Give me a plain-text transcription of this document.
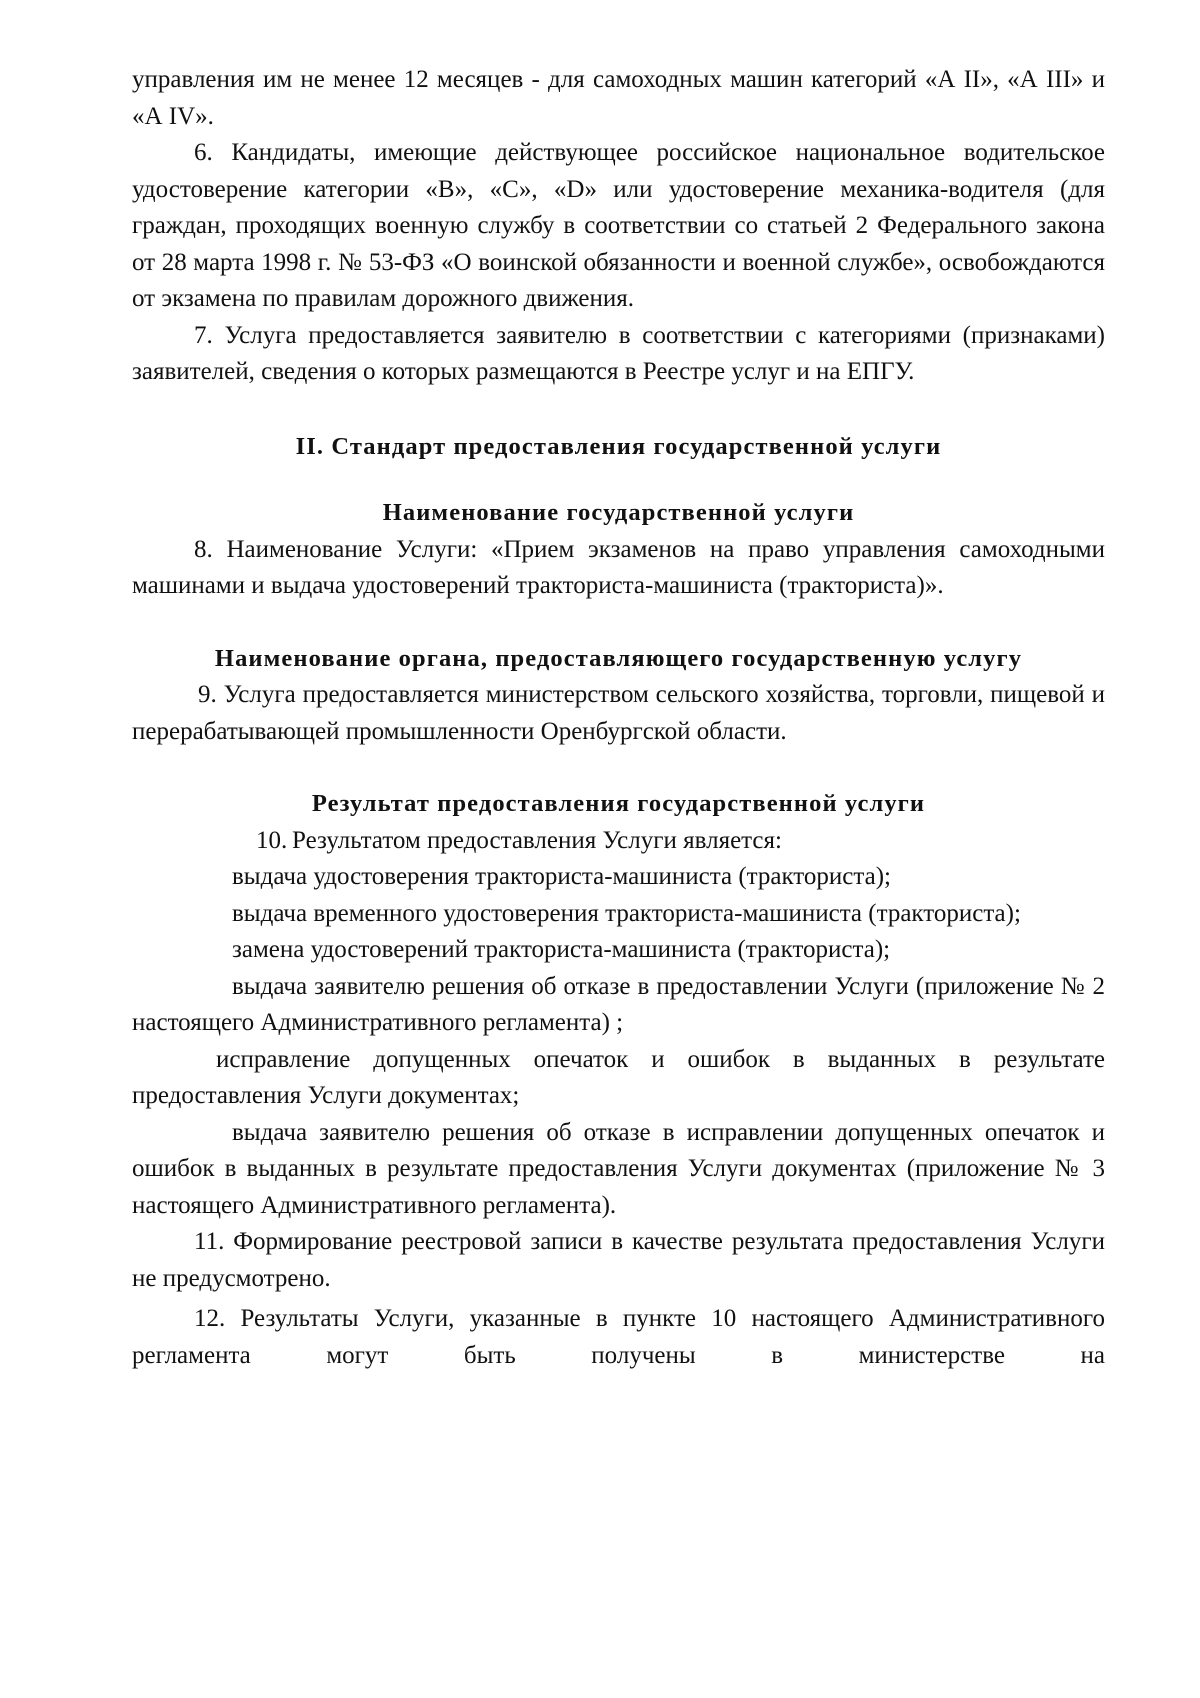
управления им не менее 12 месяцев - для самоходных машин категорий «А II», «А III» и «А IV».

6. Кандидаты, имеющие действующее российское национальное водительское удостоверение категории «B», «C», «D» или удостоверение механика-водителя (для граждан, проходящих военную службу в соответствии со статьей 2 Федерального закона от 28 марта 1998 г. № 53-ФЗ «О воинской обязанности и военной службе», освобождаются от экзамена по правилам дорожного движения.

7. Услуга предоставляется заявителю в соответствии с категориями (признаками) заявителей, сведения о которых размещаются в Реестре услуг и на ЕПГУ.

II. Стандарт предоставления государственной услуги

Наименование государственной услуги

8. Наименование Услуги: «Прием экзаменов на право управления самоходными машинами и выдача удостоверений тракториста-машиниста (тракториста)».

Наименование органа, предоставляющего государственную услугу

9. Услуга предоставляется министерством сельского хозяйства, торговли, пищевой и перерабатывающей промышленности Оренбургской области.

Результат предоставления государственной услуги

10. Результатом предоставления Услуги является:

выдача удостоверения тракториста-машиниста (тракториста);

выдача временного удостоверения тракториста-машиниста (тракториста);

замена удостоверений тракториста-машиниста (тракториста);

выдача заявителю решения об отказе в предоставлении Услуги (приложение № 2 настоящего Административного регламента) ;

исправление допущенных опечаток и ошибок в выданных в результате предоставления Услуги документах;

выдача заявителю решения об отказе в исправлении допущенных опечаток и ошибок в выданных в результате предоставления Услуги документах (приложение № 3 настоящего Административного регламента).

11. Формирование реестровой записи в качестве результата предоставления Услуги не предусмотрено.

12. Результаты Услуги, указанные в пункте 10 настоящего Административного регламента могут быть получены в министерстве на
